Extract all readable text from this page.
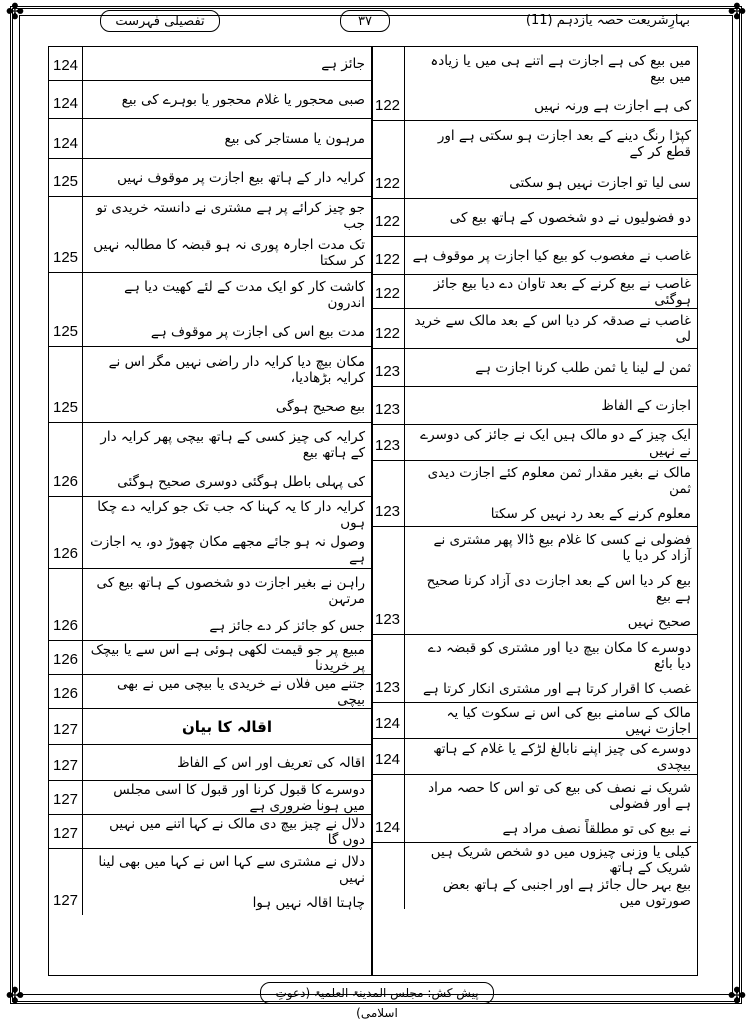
✤	✤
✤	✤
بہارِشریعت حصہ یازدہم (11)
۳۷
تفصیلی فہرست
میں بیع کی ہے اجازت ہے اتنے ہی میں یا زیادہ میں بیع
کی ہے اجازت ہے ورنہ نہیں
122
کپڑا رنگ دینے کے بعد اجازت ہو سکتی ہے اور قطع کر کے
سی لیا تو اجازت نہیں ہو سکتی
122
دو فضولیوں نے دو شخصوں کے ہاتھ بیع کی
122
غاصب نے مغصوب کو بیع کیا اجازت پر موقوف ہے
122
غاصب نے بیع کرنے کے بعد تاوان دے دیا بیع جائز ہوگئی
122
غاصب نے صدقہ کر دیا اس کے بعد مالک سے خرید لی
122
ثمن لے لینا یا ثمن طلب کرنا اجازت ہے
123
اجازت کے الفاظ
123
ایک چیز کے دو مالک ہیں ایک نے جائز کی دوسرے نے نہیں
123
مالک نے بغیر مقدار ثمن معلوم کئے اجازت دیدی ثمن
معلوم کرنے کے بعد رد نہیں کر سکتا
123
فضولی نے کسی کا غلام بیع ڈالا پھر مشتری نے آزاد کر دیا یا
بیع کر دیا اس کے بعد اجازت دی آزاد کرنا صحیح ہے بیع
صحیح نہیں
123
دوسرے کا مکان بیچ دیا اور مشتری کو قبضہ دے دیا بائع
غصب کا اقرار کرتا ہے اور مشتری انکار کرتا ہے
123
مالک کے سامنے بیع کی اس نے سکوت کیا یہ اجازت نہیں
124
دوسرے کی چیز اپنے نابالغ لڑکے یا غلام کے ہاتھ بیچدی
124
شریک نے نصف کی بیع کی تو اس کا حصہ مراد ہے اور فضولی
نے بیع کی تو مطلقاً نصف مراد ہے
124
کیلی یا وزنی چیزوں میں دو شخص شریک ہیں شریک کے ہاتھ
بیع بہر حال جائز ہے اور اجنبی کے ہاتھ بعض صورتوں میں
جائز ہے
124
صبی محجور یا غلام محجور یا بوہرے کی بیع
124
مرہون یا مستاجر کی بیع
124
کرایہ دار کے ہاتھ بیع اجازت پر موقوف نہیں
125
جو چیز کرائے پر ہے مشتری نے دانستہ خریدی تو جب
تک مدت اجارہ پوری نہ ہو قبضہ کا مطالبہ نہیں کر سکتا
125
کاشت کار کو ایک مدت کے لئے کھیت دیا ہے اندرون
مدت بیع اس کی اجازت پر موقوف ہے
125
مکان بیچ دیا کرایہ دار راضی نہیں مگر اس نے کرایہ بڑھادیا،
بیع صحیح ہوگی
125
کرایہ کی چیز کسی کے ہاتھ بیچی پھر کرایہ دار کے ہاتھ بیع
کی پہلی باطل ہوگئی دوسری صحیح ہوگئی
126
کرایہ دار کا یہ کہنا کہ جب تک جو کرایہ دے چکا ہوں
وصول نہ ہو جائے مجھے مکان چھوڑ دو، یہ اجازت ہے
126
راہن نے بغیر اجازت دو شخصوں کے ہاتھ بیع کی مرتہن
جس کو جائز کر دے جائز ہے
126
مبیع پر جو قیمت لکھی ہوئی ہے اس سے یا بیچک پر خریدنا
126
جتنے میں فلاں نے خریدی یا بیچی میں نے بھی بیچی
126
اقالہ کا بیان
127
اقالہ کی تعریف اور اس کے الفاظ
127
دوسرے کا قبول کرنا اور قبول کا اسی مجلس میں ہونا ضروری ہے
127
دلال نے چیز بیچ دی مالک نے کہا اتنے میں نہیں دوں گا
127
دلال نے مشتری سے کہا اس نے کہا میں بھی لینا نہیں
چاہتا اقالہ نہیں ہوا
127
پیش کش: مجلس المدینۃ العلمیۃ (دعوتِ اسلامی)
